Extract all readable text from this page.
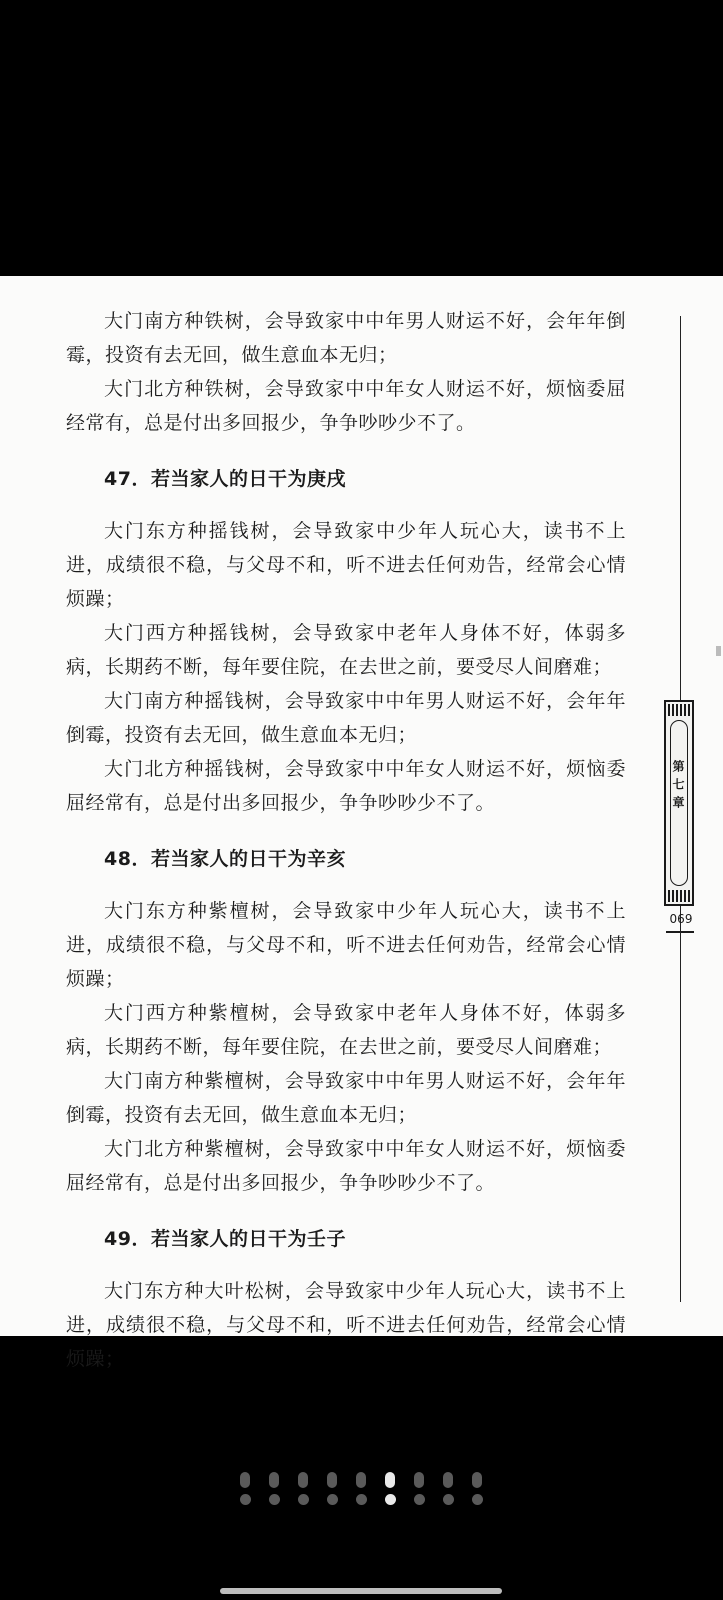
大门南方种铁树，会导致家中中年男人财运不好，会年年倒霉，投资有去无回，做生意血本无归；

大门北方种铁树，会导致家中中年女人财运不好，烦恼委屈经常有，总是付出多回报少，争争吵吵少不了。

47．若当家人的日干为庚戌

大门东方种摇钱树，会导致家中少年人玩心大，读书不上进，成绩很不稳，与父母不和，听不进去任何劝告，经常会心情烦躁；

大门西方种摇钱树，会导致家中老年人身体不好，体弱多病，长期药不断，每年要住院，在去世之前，要受尽人间磨难；

大门南方种摇钱树，会导致家中中年男人财运不好，会年年倒霉，投资有去无回，做生意血本无归；

大门北方种摇钱树，会导致家中中年女人财运不好，烦恼委屈经常有，总是付出多回报少，争争吵吵少不了。

48．若当家人的日干为辛亥

大门东方种紫檀树，会导致家中少年人玩心大，读书不上进，成绩很不稳，与父母不和，听不进去任何劝告，经常会心情烦躁；

大门西方种紫檀树，会导致家中老年人身体不好，体弱多病，长期药不断，每年要住院，在去世之前，要受尽人间磨难；

大门南方种紫檀树，会导致家中中年男人财运不好，会年年倒霉，投资有去无回，做生意血本无归；

大门北方种紫檀树，会导致家中中年女人财运不好，烦恼委屈经常有，总是付出多回报少，争争吵吵少不了。

49．若当家人的日干为壬子

大门东方种大叶松树，会导致家中少年人玩心大，读书不上进，成绩很不稳，与父母不和，听不进去任何劝告，经常会心情烦躁；

第七章
069
